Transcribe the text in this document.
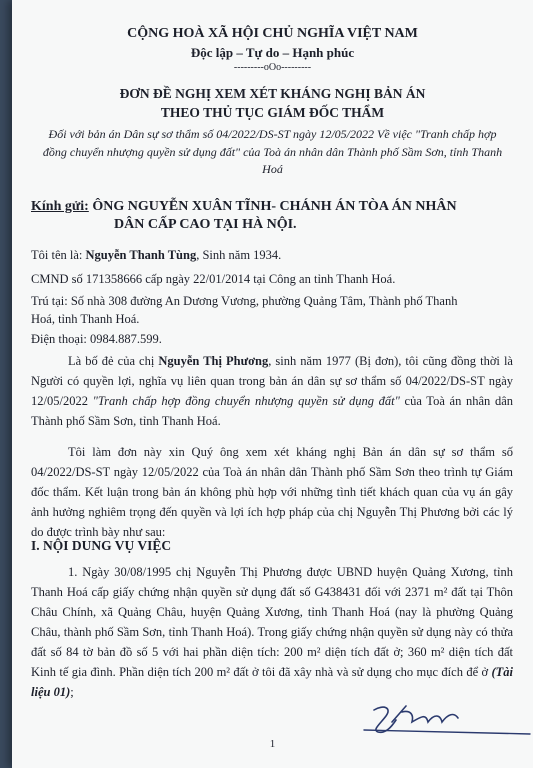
CỘNG HOÀ XÃ HỘI CHỦ NGHĨA VIỆT NAM
Độc lập – Tự do – Hạnh phúc
---------oOo---------
ĐƠN ĐỀ NGHỊ XEM XÉT KHÁNG NGHỊ BẢN ÁN
THEO THỦ TỤC GIÁM ĐỐC THẨM
Đối với bản án Dân sự sơ thẩm số 04/2022/DS-ST ngày 12/05/2022 Về việc "Tranh chấp hợp đồng chuyển nhượng quyền sử dụng đất" của Toà án nhân dân Thành phố Sầm Sơn, tỉnh Thanh Hoá
Kính gửi: ÔNG NGUYỄN XUÂN TĨNH- CHÁNH ÁN TÒA ÁN NHÂN
DÂN CẤP CAO TẠI HÀ NỘI.
Tôi tên là: Nguyễn Thanh Tùng, Sinh năm 1934.
CMND số 171358666 cấp ngày 22/01/2014 tại Công an tỉnh Thanh Hoá.
Trú tại: Số nhà 308 đường An Dương Vương, phường Quảng Tâm, Thành phố Thanh
Hoá, tỉnh Thanh Hoá.
Điện thoại: 0984.887.599.
Là bố đẻ của chị Nguyễn Thị Phương, sinh năm 1977 (Bị đơn), tôi cũng đồng thời là Người có quyền lợi, nghĩa vụ liên quan trong bản án dân sự sơ thẩm số 04/2022/DS-ST ngày 12/05/2022 "Tranh chấp hợp đồng chuyển nhượng quyền sử dụng đất" của Toà án nhân dân Thành phố Sầm Sơn, tỉnh Thanh Hoá.
Tôi làm đơn này xin Quý ông xem xét kháng nghị Bản án dân sự sơ thẩm số 04/2022/DS-ST ngày 12/05/2022 của Toà án nhân dân Thành phố Sầm Sơn theo trình tự Giám đốc thẩm. Kết luận trong bản án không phù hợp với những tình tiết khách quan của vụ án gây ảnh hưởng nghiêm trọng đến quyền và lợi ích hợp pháp của chị Nguyễn Thị Phương bởi các lý do được trình bày như sau:
I. NỘI DUNG VỤ VIỆC
1. Ngày 30/08/1995 chị Nguyễn Thị Phương được UBND huyện Quảng Xương, tỉnh Thanh Hoá cấp giấy chứng nhận quyền sử dụng đất số G438431 đối với 2371 m² đất tại Thôn Châu Chính, xã Quảng Châu, huyện Quảng Xương, tỉnh Thanh Hoá (nay là phường Quảng Châu, thành phố Sầm Sơn, tỉnh Thanh Hoá). Trong giấy chứng nhận quyền sử dụng này có thửa đất số 84 tờ bản đồ số 5 với hai phần diện tích: 200 m² diện tích đất ở; 360 m² diện tích đất Kinh tế gia đình. Phần diện tích 200 m² đất ở tôi đã xây nhà và sử dụng cho mục đích để ở (Tài liệu 01);
1
